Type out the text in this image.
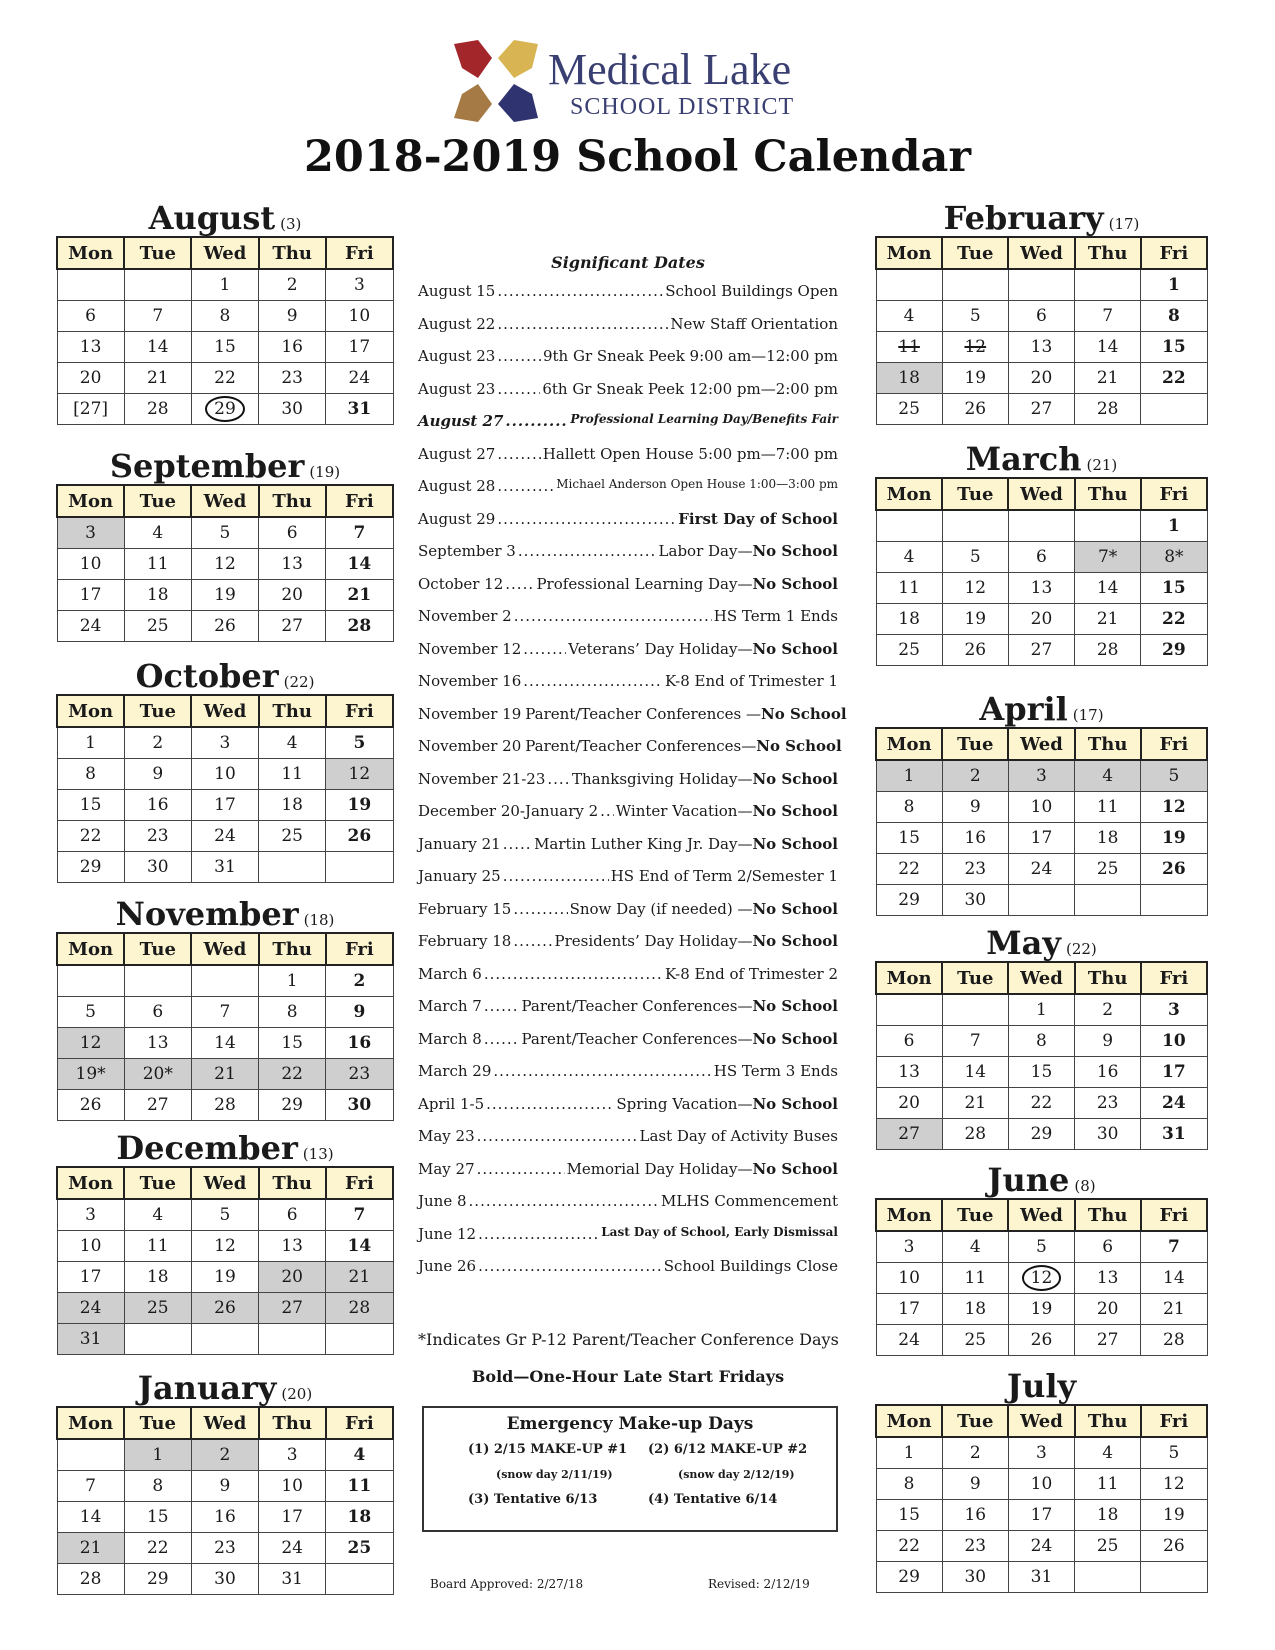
Medical Lake
SCHOOL DISTRICT
2018-2019 School Calendar
August (3)
Mon	Tue	Wed	Thu	Fri
		1	2	3
6	7	8	9	10
13	14	15	16	17
20	21	22	23	24
[27]	28	29	30	31
September (19)
Mon	Tue	Wed	Thu	Fri
3	4	5	6	7
10	11	12	13	14
17	18	19	20	21
24	25	26	27	28
October (22)
Mon	Tue	Wed	Thu	Fri
1	2	3	4	5
8	9	10	11	12
15	16	17	18	19
22	23	24	25	26
29	30	31		
November (18)
Mon	Tue	Wed	Thu	Fri
			1	2
5	6	7	8	9
12	13	14	15	16
19*	20*	21	22	23
26	27	28	29	30
December (13)
Mon	Tue	Wed	Thu	Fri
3	4	5	6	7
10	11	12	13	14
17	18	19	20	21
24	25	26	27	28
31				
January (20)
Mon	Tue	Wed	Thu	Fri
	1	2	3	4
7	8	9	10	11
14	15	16	17	18
21	22	23	24	25
28	29	30	31	
February (17)
Mon	Tue	Wed	Thu	Fri
				1
4	5	6	7	8
11	12	13	14	15
18	19	20	21	22
25	26	27	28	
March (21)
Mon	Tue	Wed	Thu	Fri
				1
4	5	6	7*	8*
11	12	13	14	15
18	19	20	21	22
25	26	27	28	29
April (17)
Mon	Tue	Wed	Thu	Fri
1	2	3	4	5
8	9	10	11	12
15	16	17	18	19
22	23	24	25	26
29	30			
May (22)
Mon	Tue	Wed	Thu	Fri
		1	2	3
6	7	8	9	10
13	14	15	16	17
20	21	22	23	24
27	28	29	30	31
June (8)
Mon	Tue	Wed	Thu	Fri
3	4	5	6	7
10	11	12	13	14
17	18	19	20	21
24	25	26	27	28
July
Mon	Tue	Wed	Thu	Fri
1	2	3	4	5
8	9	10	11	12
15	16	17	18	19
22	23	24	25	26
29	30	31		
Significant Dates
August 15 .....	School Buildings Open
August 22 .....	New Staff Orientation
August 23 .....	9th Gr Sneak Peek 9:00 am—12:00 pm
August 23 .....	6th Gr Sneak Peek 12:00 pm—2:00 pm
August 27 .....	Professional Learning Day/Benefits Fair
August 27 .....	Hallett Open House 5:00 pm—7:00 pm
August 28 .....	Michael Anderson Open House 1:00—3:00 pm
August 29 .....	First Day of School
September 3 .....	Labor Day—No School
October 12 ..... Professional Learning Day—No School
November 2 .....	HS Term 1 Ends
November 12 .....	Veterans’ Day Holiday—No School
November 16 .....	K-8 End of Trimester 1
November 19 Parent/Teacher Conferences —No School
November 20 Parent/Teacher Conferences—No School
November 21-23 ..... Thanksgiving Holiday—No School
December 20-January 2 ..... Winter Vacation—No School
January 21 ..... Martin Luther King Jr. Day—No School
January 25 .....	HS End of Term 2/Semester 1
February 15 .....	Snow Day (if needed) —No School
February 18 .....	Presidents’ Day Holiday—No School
March 6 .....	K-8 End of Trimester 2
March 7 .....	Parent/Teacher Conferences—No School
March 8 .....	Parent/Teacher Conferences—No School
March 29 .....	HS Term 3 Ends
April 1-5 .....	Spring Vacation—No School
May 23 .....	Last Day of Activity Buses
May 27 .....	Memorial Day Holiday—No School
June 8 .....	MLHS Commencement
June 12 .....	Last Day of School, Early Dismissal
June 26 .....	School Buildings Close
*Indicates Gr P-12 Parent/Teacher Conference Days
Bold—One-Hour Late Start Fridays
Emergency Make-up Days
(1) 2/15 MAKE-UP #1
(snow day 2/11/19)
(2) 6/12 MAKE-UP #2
(snow day 2/12/19)
(3) Tentative 6/13	(4) Tentative 6/14
Board Approved: 2/27/18	Revised: 2/12/19
